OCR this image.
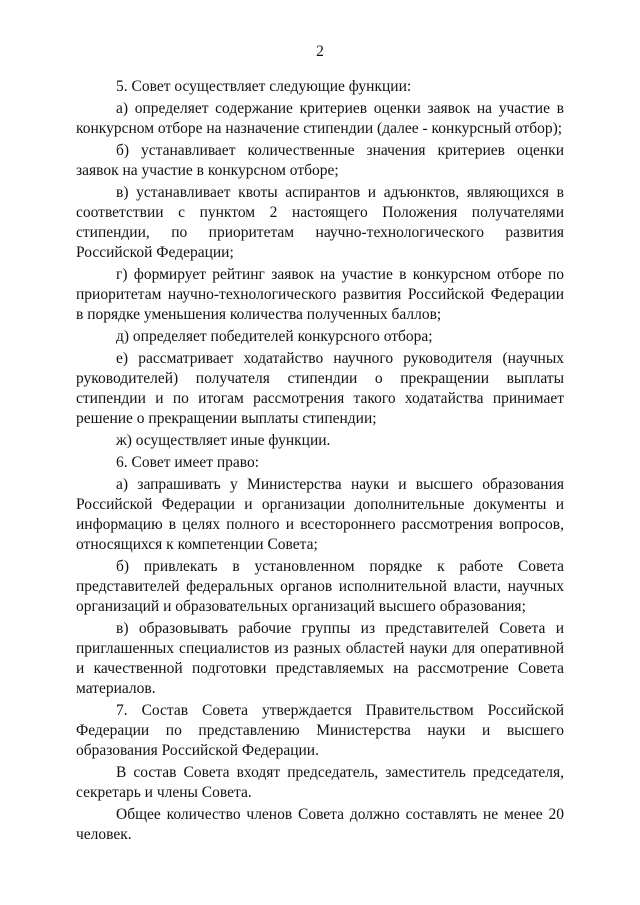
2

5. Совет осуществляет следующие функции:

а) определяет содержание критериев оценки заявок на участие в конкурсном отборе на назначение стипендии (далее - конкурсный отбор);

б) устанавливает количественные значения критериев оценки заявок на участие в конкурсном отборе;

в) устанавливает квоты аспирантов и адъюнктов, являющихся в соответствии с пунктом 2 настоящего Положения получателями стипендии, по приоритетам научно-технологического развития Российской Федерации;

г) формирует рейтинг заявок на участие в конкурсном отборе по приоритетам научно-технологического развития Российской Федерации в порядке уменьшения количества полученных баллов;

д) определяет победителей конкурсного отбора;

е) рассматривает ходатайство научного руководителя (научных руководителей) получателя стипендии о прекращении выплаты стипендии и по итогам рассмотрения такого ходатайства принимает решение о прекращении выплаты стипендии;

ж) осуществляет иные функции.

6. Совет имеет право:

а) запрашивать у Министерства науки и высшего образования Российской Федерации и организации дополнительные документы и информацию в целях полного и всестороннего рассмотрения вопросов, относящихся к компетенции Совета;

б) привлекать в установленном порядке к работе Совета представителей федеральных органов исполнительной власти, научных организаций и образовательных организаций высшего образования;

в) образовывать рабочие группы из представителей Совета и приглашенных специалистов из разных областей науки для оперативной и качественной подготовки представляемых на рассмотрение Совета материалов.

7. Состав Совета утверждается Правительством Российской Федерации по представлению Министерства науки и высшего образования Российской Федерации.

В состав Совета входят председатель, заместитель председателя, секретарь и члены Совета.

Общее количество членов Совета должно составлять не менее 20 человек.
